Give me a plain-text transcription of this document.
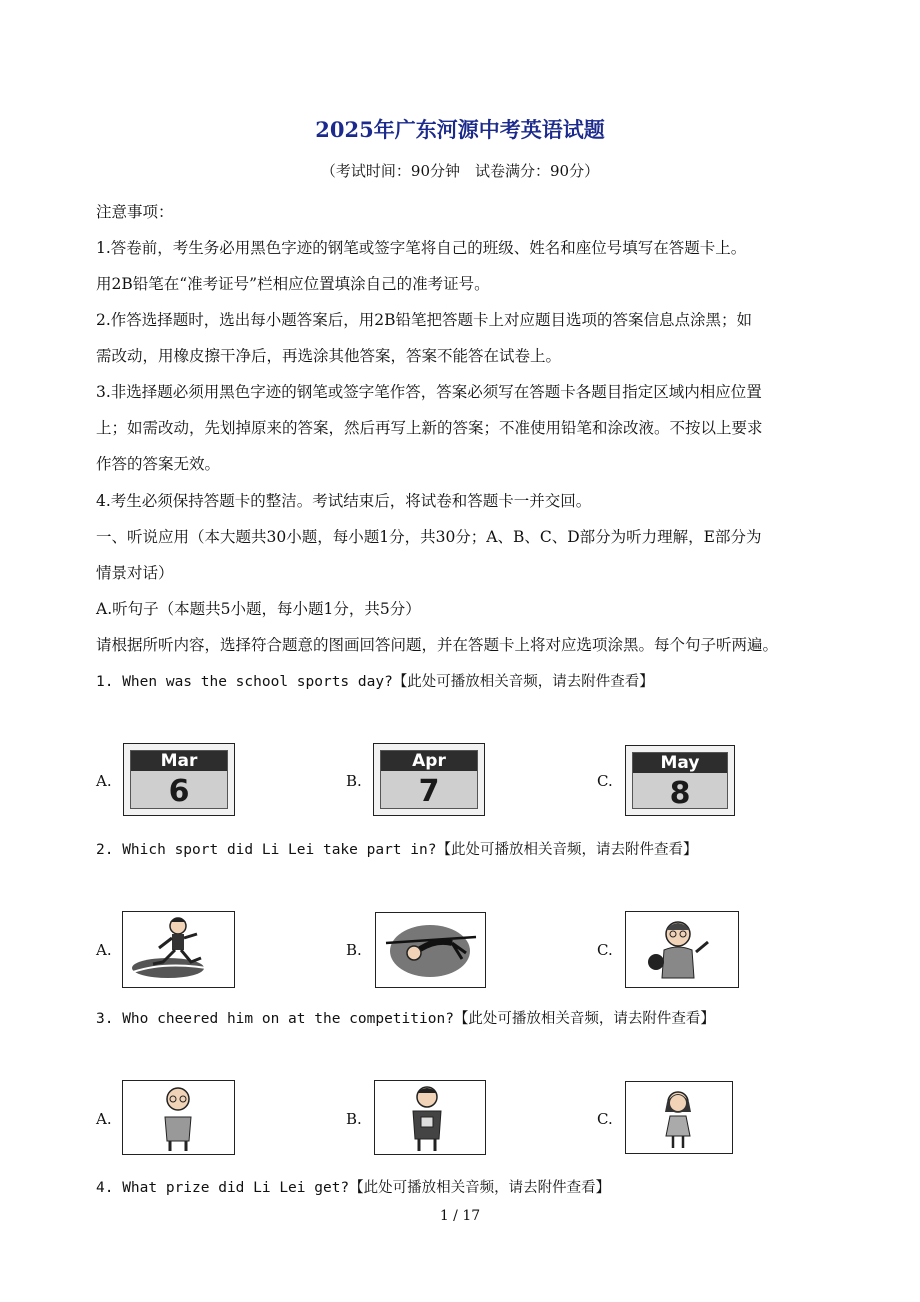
2025年广东河源中考英语试题
（考试时间：90分钟　试卷满分：90分）
注意事项：
1.答卷前，考生务必用黑色字迹的钢笔或签字笔将自己的班级、姓名和座位号填写在答题卡上。
用2B铅笔在“准考证号”栏相应位置填涂自己的准考证号。
2.作答选择题时，选出每小题答案后，用2B铅笔把答题卡上对应题目选项的答案信息点涂黑；如
需改动，用橡皮擦干净后，再选涂其他答案，答案不能答在试卷上。
3.非选择题必须用黑色字迹的钢笔或签字笔作答，答案必须写在答题卡各题目指定区域内相应位置
上；如需改动，先划掉原来的答案，然后再写上新的答案；不准使用铅笔和涂改液。不按以上要求
作答的答案无效。
4.考生必须保持答题卡的整洁。考试结束后，将试卷和答题卡一并交回。
一、听说应用（本大题共30小题，每小题1分，共30分；A、B、C、D部分为听力理解，E部分为
情景对话）
A.听句子（本题共5小题，每小题1分，共5分）
请根据所听内容，选择符合题意的图画回答问题，并在答题卡上将对应选项涂黑。每个句子听两遍。
1. When was the school sports day?【此处可播放相关音频，请去附件查看】
A.
Mar
6	B.
Apr
7	C.
May
8
2. Which sport did Li Lei take part in?【此处可播放相关音频，请去附件查看】
A.	B.	C.
3. Who cheered him on at the competition?【此处可播放相关音频，请去附件查看】
A.	B.	C.
4. What prize did Li Lei get?【此处可播放相关音频，请去附件查看】
1 / 17
